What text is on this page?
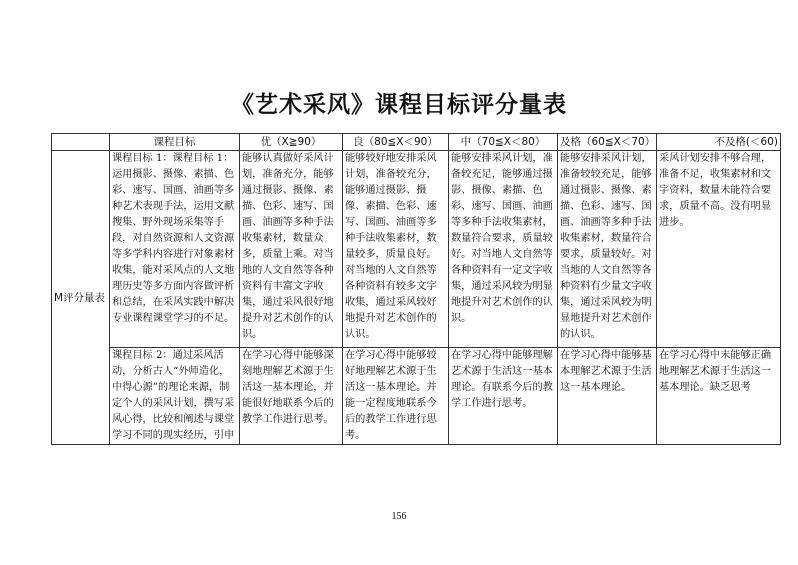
《艺术采风》课程目标评分量表
	课程目标	优（X≧90）	良（80≦X＜90）	中（70≦X＜80）	及格（60≦X＜70）	不及格(＜60)
M评分量表	课程目标 1：课程目标 1：运用摄影、摄像、素描、色彩、速写、国画、油画等多种艺术表现手法，运用文献搜集、野外现场采集等手段，对自然资源和人文资源等多学科内容进行对象素材收集，能对采风点的人文地理历史等多方面内容做评析和总结，在采风实践中解决专业课程课堂学习的不足。	能够认真做好采风计划，准备充分，能够通过摄影、摄像、素描、色彩、速写、国画、油画等多种手法收集素材，数量众多，质量上乘。对当地的人文自然等各种资料有丰富文字收集，通过采风很好地提升对艺术创作的认识。	能够较好地安排采风计划，准备较充分，能够通过摄影、摄像、素描、色彩、速写、国画、油画等多种手法收集素材，数量较多，质量良好。对当地的人文自然等各种资料有较多文字收集，通过采风较好地提升对艺术创作的认识。	能够安排采风计划，准备较充足，能够通过摄影、摄像、素描、色彩、速写、国画、油画等多种手法收集素材，数量符合要求，质量较好。对当地人文自然等各种资料有一定文字收集，通过采风较为明显地提升对艺术创作的认识。	能够安排采风计划，准备较较充足，能够通过摄影、摄像、素描、色彩、速写、国画、油画等多种手法收集素材，数量符合要求，质量较好。对当地的人文自然等各种资料有少量文字收集，通过采风较为明显地提升对艺术创作的认识。	采风计划安排不够合理，准备不足，收集素材和文字资料，数量未能符合要求，质量不高。没有明显进步。
	课程目标 2：通过采风活动，分析古人“外师造化，中得心源”的理论来源，制定个人的采风计划，撰写采风心得，比较和阐述与课堂学习不同的现实经历，引申	在学习心得中能够深刻地理解艺术源于生活这一基本理论，并能很好地联系今后的教学工作进行思考。	在学习心得中能够较好地理解艺术源于生活这一基本理论。并能一定程度地联系今后的教学工作进行思考。	在学习心得中能够理解艺术源于生活这一基本理论。有联系今后的教学工作进行思考。	在学习心得中能够基本理解艺术源于生活这一基本理论。	在学习心得中未能够正确地理解艺术源于生活这一基本理论。缺乏思考
156
